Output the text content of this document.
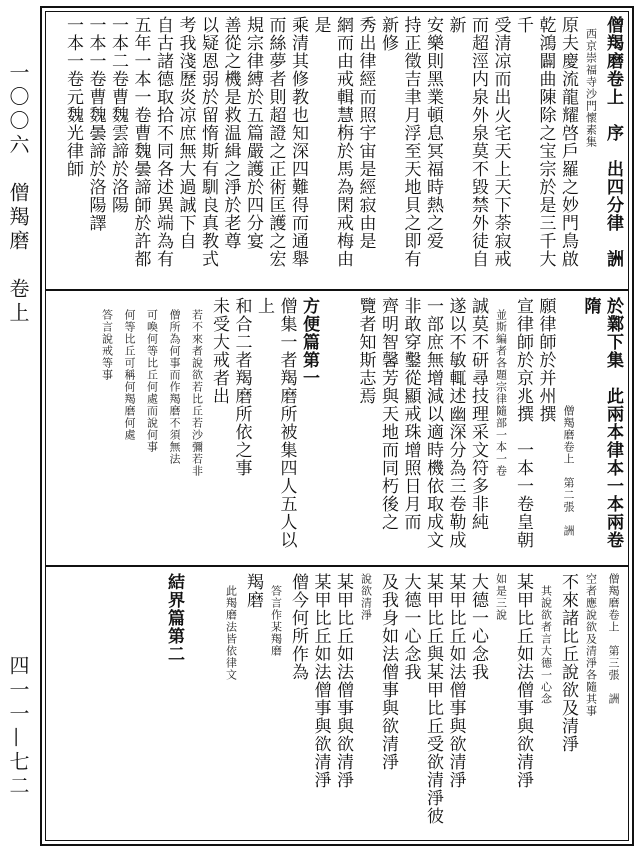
一〇〇六　僧羯磨　卷上
四一一—七二
僧羯磨卷上　序　出四分律　詶
　西京崇福寺沙門懷素集
原夫慶流龍耀啓戶羅之妙門鳥啟
乾鴻闢曲陳除之宝宗於是三千大千
受清凉而出火宅天上天下荼寂戒
而超涇内泉外泉莫不毀禁外徒自新
安樂則黑業頓息冥福時熱之爱
持正徵吉聿月浮至天地貝之即有新修
秀出律經而照宇宙是經寂由是
網而由戒輯慧栴於馬為閑戒梅由是
乘清其修教也知深四難得而通舉
而絲夢者則超證之正術匡護之宏
規宗律縛於五篇嚴護於四分宴
善從之機是救温緝之淨於老尊
以疑恩弱於留惰斯有馴良真教式
考我淺歷炎凉庶無大過誠下自
自古諸德取拾不同各述異端為有
五年一本一卷曹魏曇諦師於許都
一本二卷曹魏雲諦於洛陽
一本一卷曹魏曇諦於洛陽譯
一本一卷元魏光律師
於鄴下集　此兩本律本一本兩卷隋
　　　　　　　　　僧羯磨卷上　第二張　詶
願律師於并州撰
宣律師於京兆撰　一本一卷皇朝
　並斯編者各題宗律隨部一本一卷
誠莫不研尋技理采文符多非純
遂以不敏輒述幽深分為三卷勒成
一部庶無增減以適時機依取成文
非敢穿鑿從顯戒珠增照日月而
齊明智馨芳與天地而同朽後之
覽者知斯志焉
方便篇第一
僧集一者羯磨所被集四人五人以上
和合二者羯磨所依之事
未受大戒者出
　若不來者說欲若比丘若沙彌若非
　僧所為何事而作羯磨不須無法
　可喚何等比丘何處而說何事
　何等比丘可稱何羯磨何處
　答言說戒等事
僧羯磨卷上　第三張　詶
空者應說欲及清淨各隨其事
不來諸比丘說欲及清淨
　其說欲者言大德一心念
某甲比丘如法僧事與欲清淨
如是三說
大德一心念我
某甲比丘如法僧事與欲清淨
某甲比丘與某甲比丘受欲清淨彼
大德一心念我
及我身如法僧事與欲清淨
說欲清淨
某甲比丘如法僧事與欲清淨
某甲比丘如法僧事與欲清淨
僧今何所作為
　答言作某羯磨
羯磨
　此羯磨法皆依律文
結界篇第二
